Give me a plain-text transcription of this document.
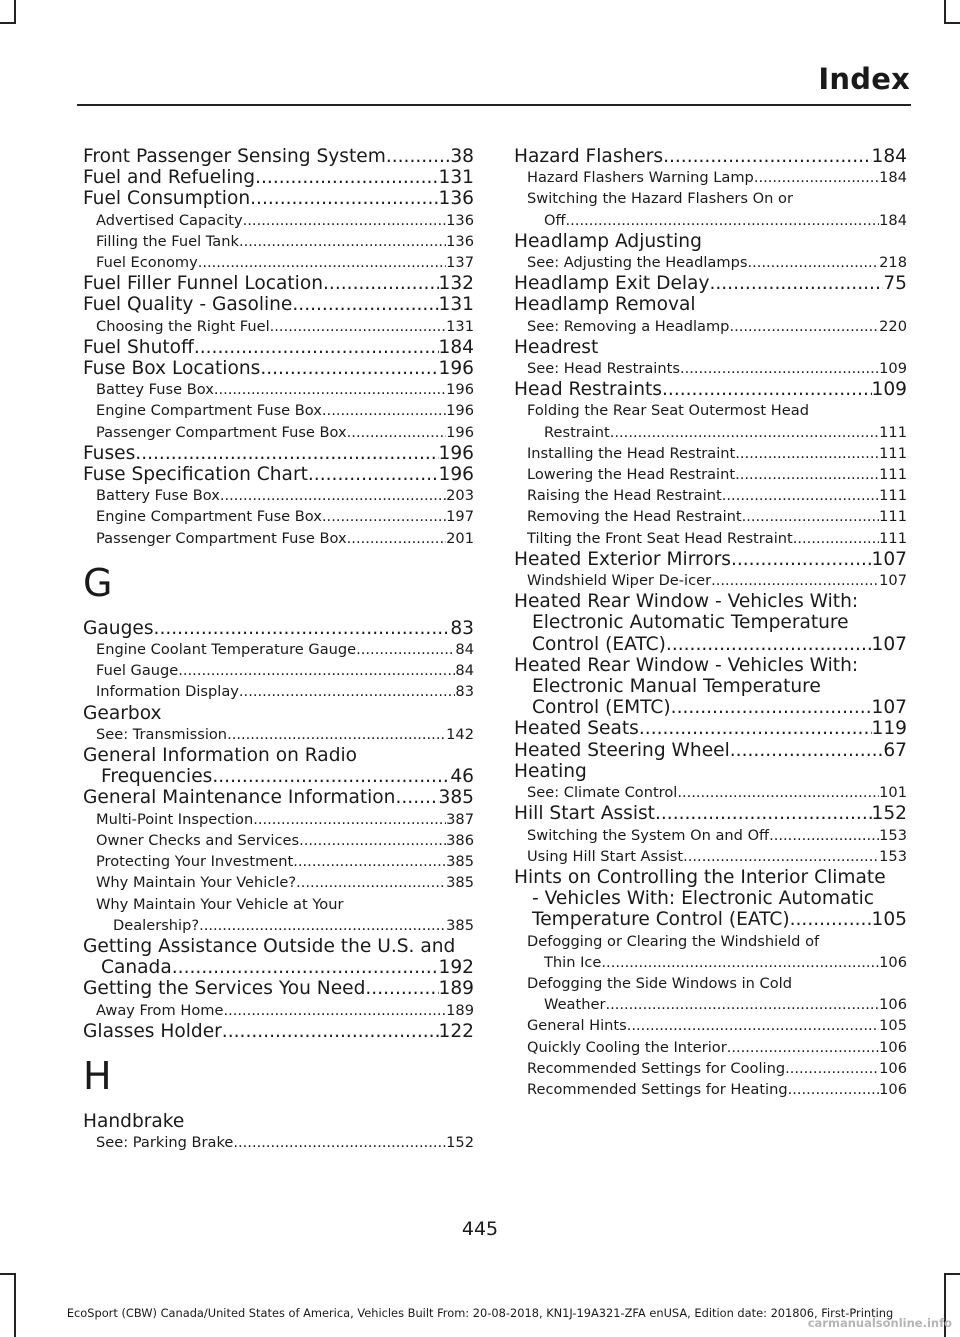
Index
Front Passenger Sensing System .....	38
Fuel and Refueling .....	131
Fuel Consumption .....	136
Advertised Capacity .....	136
Filling the Fuel Tank .....	136
Fuel Economy .....	137
Fuel Filler Funnel Location .....	132
Fuel Quality - Gasoline .....	131
Choosing the Right Fuel .....	131
Fuel Shutoff .....	184
Fuse Box Locations .....	196
Battey Fuse Box .....	196
Engine Compartment Fuse Box .....	196
Passenger Compartment Fuse Box .....	196
Fuses .....	196
Fuse Specification Chart .....	196
Battery Fuse Box .....	203
Engine Compartment Fuse Box .....	197
Passenger Compartment Fuse Box .....	201
G
Gauges .....	83
Engine Coolant Temperature Gauge .....	84
Fuel Gauge .....	84
Information Display .....	83
Gearbox
See: Transmission .....	142
General Information on Radio
Frequencies .....	46
General Maintenance Information ..... 385
Multi-Point Inspection .....	387
Owner Checks and Services .....	386
Protecting Your Investment .....	385
Why Maintain Your Vehicle? .....	385
Why Maintain Your Vehicle at Your
Dealership? .....	385
Getting Assistance Outside the U.S. and
Canada .....	192
Getting the Services You Need .....	189
Away From Home .....	189
Glasses Holder .....	122
H
Handbrake
See: Parking Brake .....	152
Hazard Flashers .....	184
Hazard Flashers Warning Lamp .....	184
Switching the Hazard Flashers On or
Off .....	184
Headlamp Adjusting
See: Adjusting the Headlamps .....	218
Headlamp Exit Delay .....	75
Headlamp Removal
See: Removing a Headlamp .....	220
Headrest
See: Head Restraints .....	109
Head Restraints .....	109
Folding the Rear Seat Outermost Head
Restraint .....	111
Installing the Head Restraint .....	111
Lowering the Head Restraint .....	111
Raising the Head Restraint .....	111
Removing the Head Restraint .....	111
Tilting the Front Seat Head Restraint .....	111
Heated Exterior Mirrors .....	107
Windshield Wiper De-icer .....	107
Heated Rear Window - Vehicles With:
Electronic Automatic Temperature
Control (EATC) .....	107
Heated Rear Window - Vehicles With:
Electronic Manual Temperature
Control (EMTC) .....	107
Heated Seats .....	119
Heated Steering Wheel .....	67
Heating
See: Climate Control .....	101
Hill Start Assist .....	152
Switching the System On and Off .....	153
Using Hill Start Assist .....	153
Hints on Controlling the Interior Climate
- Vehicles With: Electronic Automatic
Temperature Control (EATC) .....	105
Defogging or Clearing the Windshield of
Thin Ice .....	106
Defogging the Side Windows in Cold
Weather .....	106
General Hints .....	105
Quickly Cooling the Interior .....	106
Recommended Settings for Cooling .....	106
Recommended Settings for Heating .....	106
445
EcoSport (CBW) Canada/United States of America, Vehicles Built From: 20-08-2018, KN1J-19A321-ZFA enUSA, Edition date: 201806, First-Printing
carmanualsonline.info
